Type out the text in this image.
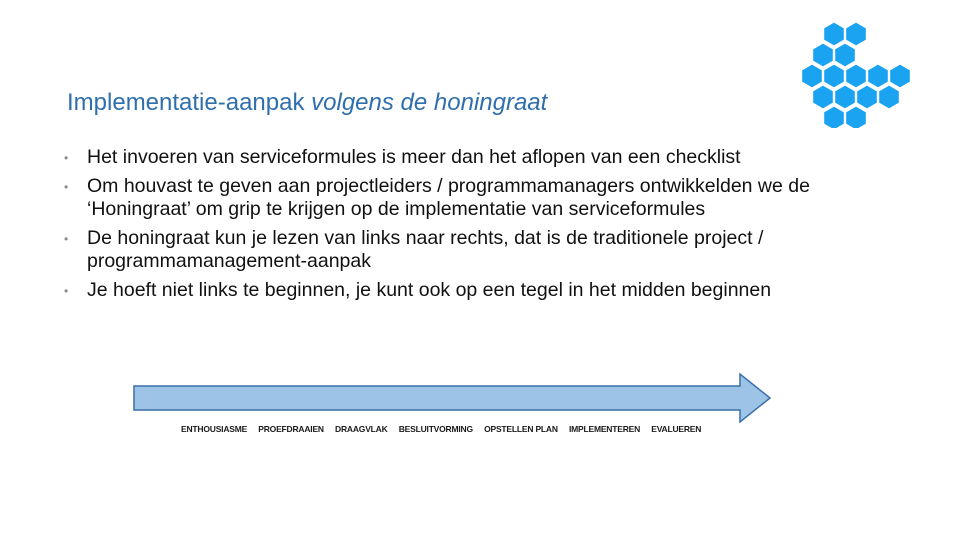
Implementatie-aanpak volgens de honingraat
• Het invoeren van serviceformules is meer dan het aflopen van een checklist
• Om houvast te geven aan projectleiders / programmamanagers ontwikkelden we de ‘Honingraat’ om grip te krijgen op de implementatie van serviceformules
• De honingraat kun je lezen van links naar rechts, dat is de traditionele project / programmamanagement-aanpak
• Je hoeft niet links te beginnen, je kunt ook op een tegel in het midden beginnen
ENTHOUSIASME PROEFDRAAIEN DRAAGVLAK BESLUITVORMING OPSTELLEN PLAN IMPLEMENTEREN EVALUEREN
